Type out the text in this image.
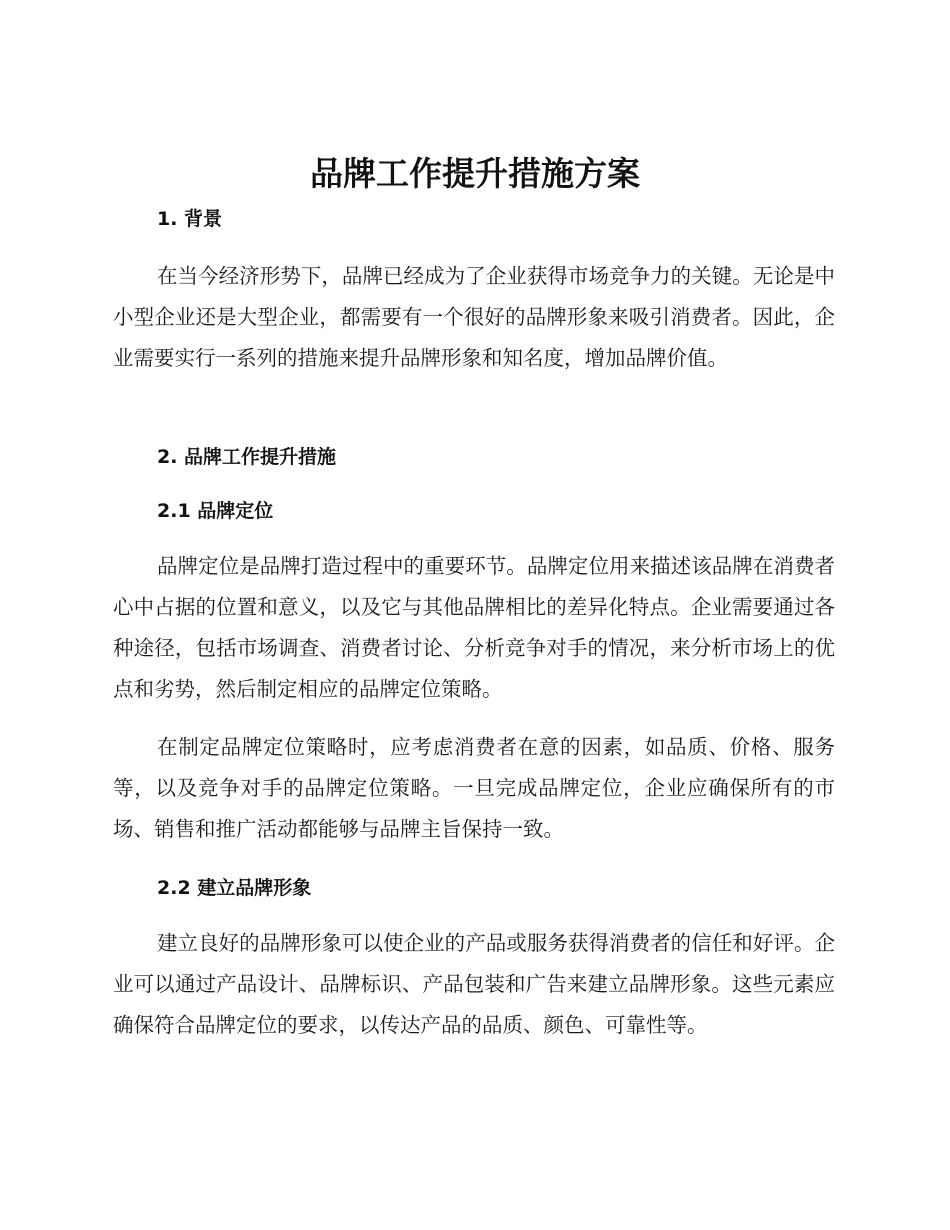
品牌工作提升措施方案
1. 背景

在当今经济形势下，品牌已经成为了企业获得市场竞争力的关键。无论是中小型企业还是大型企业，都需要有一个很好的品牌形象来吸引消费者。因此，企业需要实行一系列的措施来提升品牌形象和知名度，增加品牌价值。

2. 品牌工作提升措施
2.1 品牌定位

品牌定位是品牌打造过程中的重要环节。品牌定位用来描述该品牌在消费者心中占据的位置和意义，以及它与其他品牌相比的差异化特点。企业需要通过各种途径，包括市场调查、消费者讨论、分析竞争对手的情况，来分析市场上的优点和劣势，然后制定相应的品牌定位策略。

在制定品牌定位策略时，应考虑消费者在意的因素，如品质、价格、服务等，以及竞争对手的品牌定位策略。一旦完成品牌定位，企业应确保所有的市场、销售和推广活动都能够与品牌主旨保持一致。

2.2 建立品牌形象

建立良好的品牌形象可以使企业的产品或服务获得消费者的信任和好评。企业可以通过产品设计、品牌标识、产品包装和广告来建立品牌形象。这些元素应确保符合品牌定位的要求，以传达产品的品质、颜色、可靠性等。
